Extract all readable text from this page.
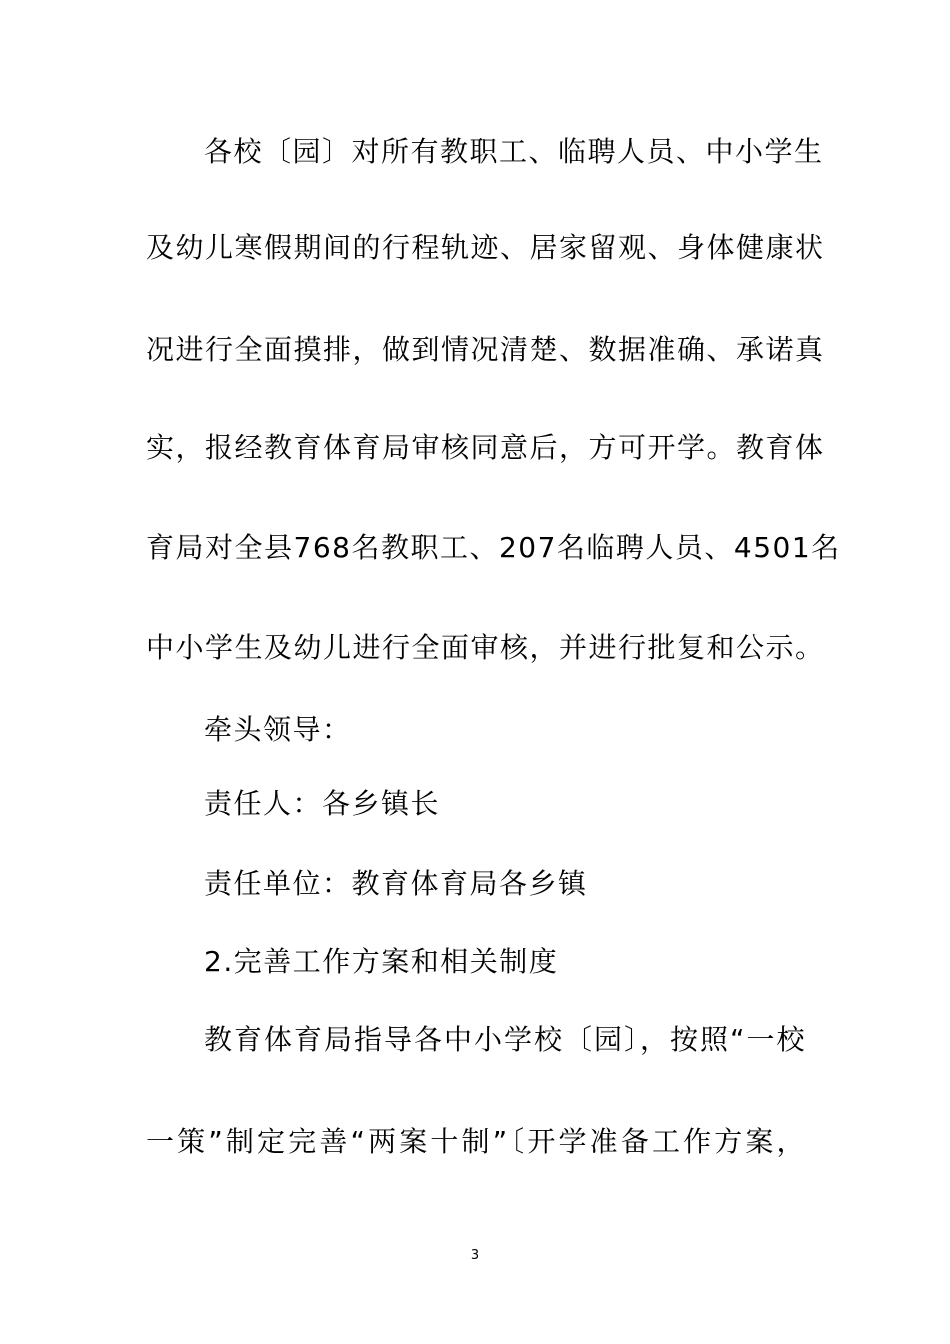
各校〔园〕对所有教职工、临聘人员、中小学生
及幼儿寒假期间的行程轨迹、居家留观、身体健康状
况进行全面摸排，做到情况清楚、数据准确、承诺真
实，报经教育体育局审核同意后，方可开学。教育体
育局对全县768名教职工、207名临聘人员、4501名
中小学生及幼儿进行全面审核，并进行批复和公示。
牵头领导：
责任人：各乡镇长
责任单位：教育体育局各乡镇
2.完善工作方案和相关制度
教育体育局指导各中小学校〔园〕，按照“一校
一策”制定完善“两案十制”〔开学准备工作方案，
3
